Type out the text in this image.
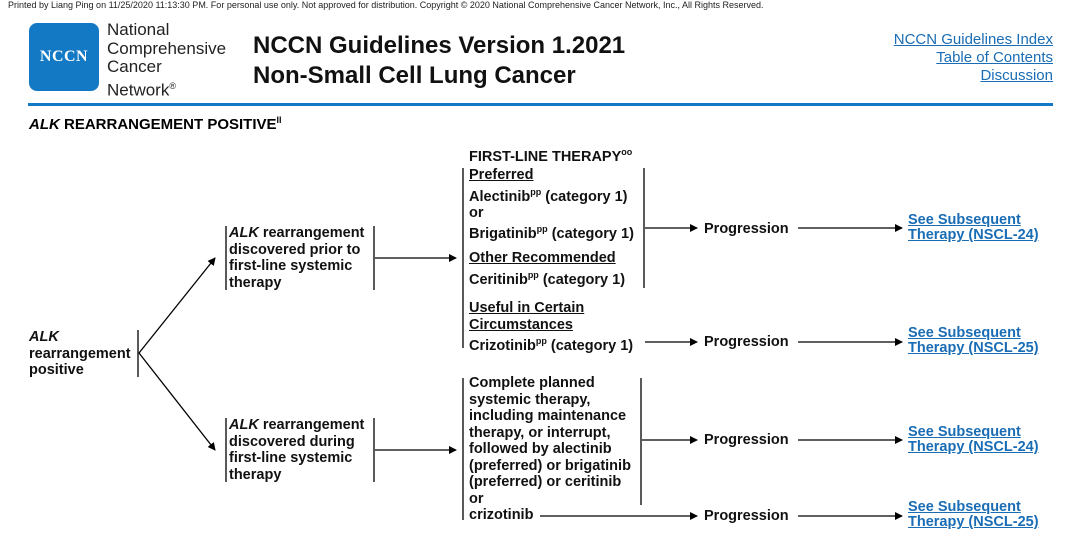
Printed by Liang Ping on 11/25/2020 11:13:30 PM. For personal use only. Not approved for distribution. Copyright © 2020 National Comprehensive Cancer Network, Inc., All Rights Reserved.
NCCN
National
Comprehensive
Cancer
Network®
NCCN Guidelines Version 1.2021
Non-Small Cell Lung Cancer
NCCN Guidelines Index
Table of Contents
Discussion
ALK REARRANGEMENT $POSITIVE^{ll}$
FIRST-LINE $THERAPY^{oo}$
ALK
rearrangement
positive
ALK rearrangement
discovered prior to
first-line systemic
therapy
ALK rearrangement
discovered during
first-line systemic
therapy
Preferred
Alectinib$^{pp}$ (category 1)
or
Brigatinib$^{pp}$ (category 1)
Other Recommended
Ceritinib$^{pp}$ (category 1)
Useful in Certain
Circumstances
Crizotinib$^{pp}$ (category 1)
Complete planned
systemic therapy,
including maintenance
therapy, or interrupt,
followed by alectinib
(preferred) or brigatinib
(preferred) or ceritinib
or
crizotinib
Progression
Progression
Progression
Progression
See Subsequent
Therapy (NSCL-24)
See Subsequent
Therapy (NSCL-25)
See Subsequent
Therapy (NSCL-24)
See Subsequent
Therapy (NSCL-25)
